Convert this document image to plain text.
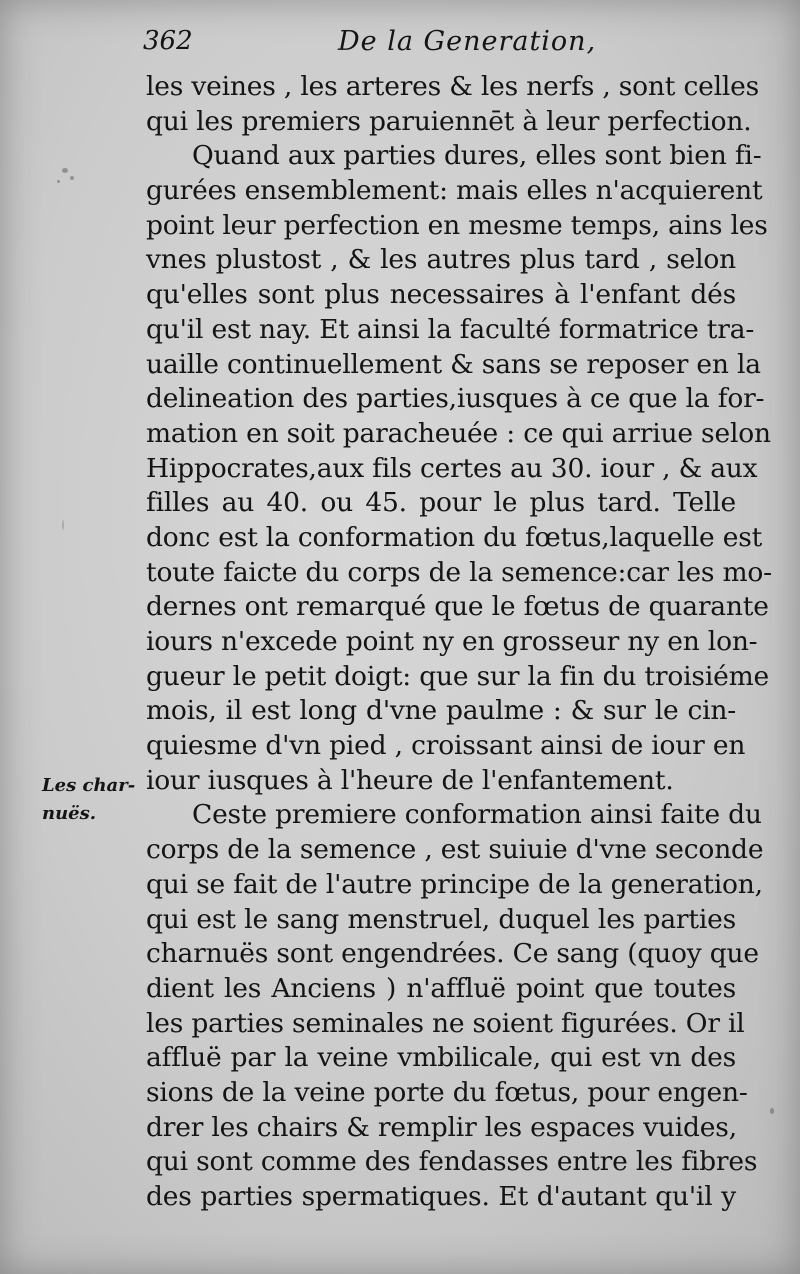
362	De la Generation,
Les char-
nuës.
les veines , les arteres & les nerfs , sont celles
qui les premiers paruiennēt à leur perfection.
Quand aux parties dures, elles sont bien fi-
gurées ensemblement: mais elles n'acquierent
point leur perfection en mesme temps, ains les
vnes plustost , & les autres plus tard , selon
qu'elles sont plus necessaires à l'enfant dés
qu'il est nay. Et ainsi la faculté formatrice tra-
uaille continuellement & sans se reposer en la
delineation des parties,iusques à ce que la for-
mation en soit paracheuée : ce qui arriue selon
Hippocrates,aux fils certes au 30. iour , & aux
filles au 40. ou 45. pour le plus tard. Telle
donc est la conformation du fœtus,laquelle est
toute faicte du corps de la semence:car les mo-
dernes ont remarqué que le fœtus de quarante
iours n'excede point ny en grosseur ny en lon-
gueur le petit doigt: que sur la fin du troisiéme
mois, il est long d'vne paulme : & sur le cin-
quiesme d'vn pied , croissant ainsi de iour en
iour iusques à l'heure de l'enfantement.
Ceste premiere conformation ainsi faite du
corps de la semence , est suiuie d'vne seconde
qui se fait de l'autre principe de la generation,
qui est le sang menstruel, duquel les parties
charnuës sont engendrées. Ce sang (quoy que
dient les Anciens ) n'affluë point que toutes
les parties seminales ne soient figurées. Or il
affluë par la veine vmbilicale, qui est vn des
sions de la veine porte du fœtus, pour engen-
drer les chairs & remplir les espaces vuides,
qui sont comme des fendasses entre les fibres
des parties spermatiques. Et d'autant qu'il y
